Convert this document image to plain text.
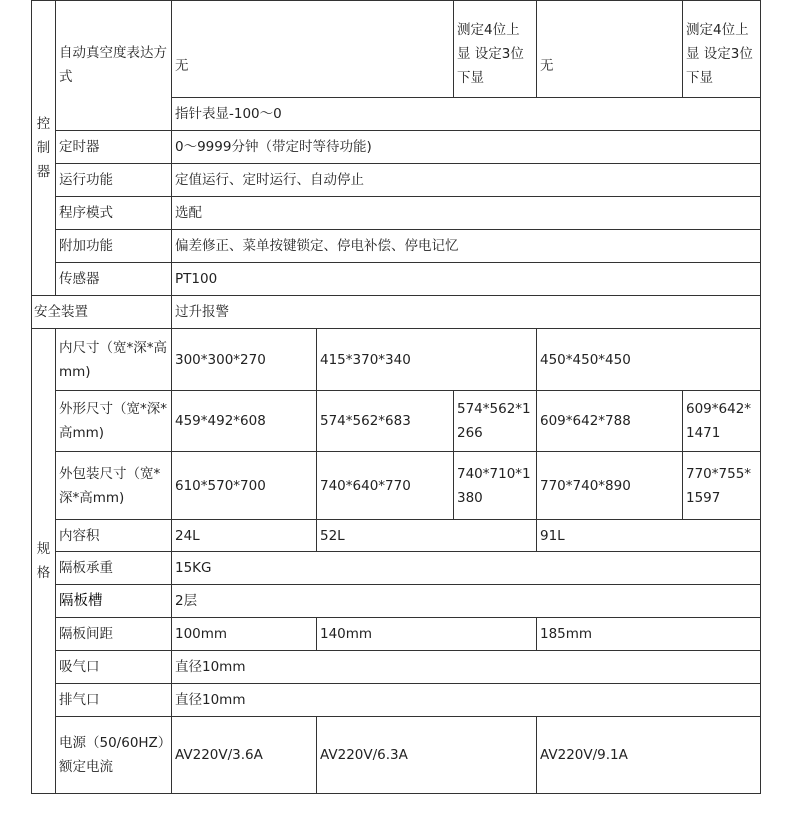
控
制
器	自动真空度表达方式	无		测定4位上显 设定3位下显	无	测定4位上显 设定3位下显
		指针表显-100〜0				
	定时器	0〜9999分钟（带定时等待功能)				
	运行功能	定值运行、定时运行、自动停止				
	程序模式	选配				
	附加功能	偏差修正、菜单按键锁定、停电补偿、停电记忆				
	传感器	PT100				
安全装置		过升报警				

规
格	内尺寸（宽*深*高mm)	300*300*270	415*370*340		450*450*450	
	外形尺寸（宽*深*高mm)	459*492*608	574*562*683	574*562*1266	609*642*788	609*642*1471
	外包装尺寸（宽*深*高mm)	610*570*700	740*640*770	740*710*1380	770*740*890	770*755*1597
	内容积	24L	52L		91L	
	隔板承重	15KG				
	隔板槽	2层				
	隔板间距	100mm	140mm		185mm	
	吸气口	直径10mm				
	排气口	直径10mm				
	电源（50/60HZ）额定电流	AV220V/3.6A	AV220V/6.3A		AV220V/9.1A	
